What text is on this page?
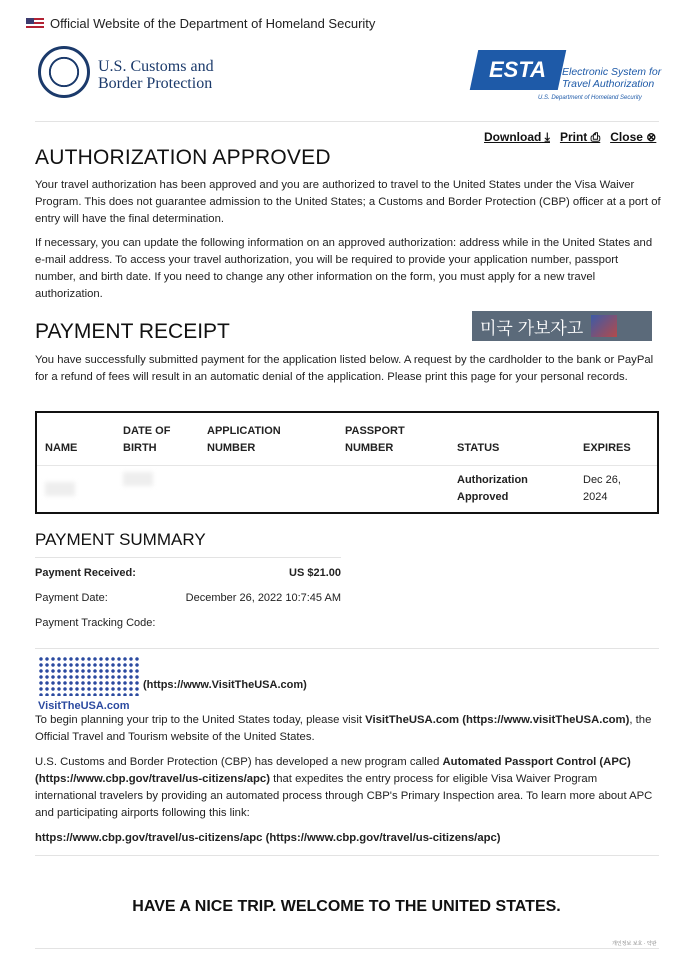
Official Website of the Department of Homeland Security
U.S. Customs and
Border Protection
ESTA Electronic System for
Travel Authorization
U.S. Department of Homeland Security
Download ⤓ Print ⎙ Close ⊗
AUTHORIZATION APPROVED
Your travel authorization has been approved and you are authorized to travel to the United States under the Visa Waiver Program. This does not guarantee admission to the United States; a Customs and Border Protection (CBP) officer at a port of entry will have the final determination.
If necessary, you can update the following information on an approved authorization: address while in the United States and e-mail address. To access your travel authorization, you will be required to provide your application number, passport number, and birth date. If you need to change any other information on the form, you must apply for a new travel authorization.
PAYMENT RECEIPT	미국 가보자고
You have successfully submitted payment for the application listed below. A request by the cardholder to the bank or PayPal for a refund of fees will result in an automatic denial of the application. Please print this page for your personal records.
NAME	DATE OF BIRTH	APPLICATION NUMBER	PASSPORT NUMBER	STATUS	EXPIRES
				Authorization Approved	Dec 26, 2024
PAYMENT SUMMARY
Payment Received:	US $21.00
Payment Date:	December 26, 2022 10:7:45 AM
Payment Tracking Code:
VisitTheUSA.com
(https://www.VisitTheUSA.com)
To begin planning your trip to the United States today, please visit VisitTheUSA.com (https://www.visitTheUSA.com), the Official Travel and Tourism website of the United States.
U.S. Customs and Border Protection (CBP) has developed a new program called Automated Passport Control (APC) (https://www.cbp.gov/travel/us-citizens/apc) that expedites the entry process for eligible Visa Waiver Program international travelers by providing an automated process through CBP's Primary Inspection area. To learn more about APC and participating airports following this link:
https://www.cbp.gov/travel/us-citizens/apc (https://www.cbp.gov/travel/us-citizens/apc)
HAVE A NICE TRIP. WELCOME TO THE UNITED STATES.
개인정보 보호 · 약관
